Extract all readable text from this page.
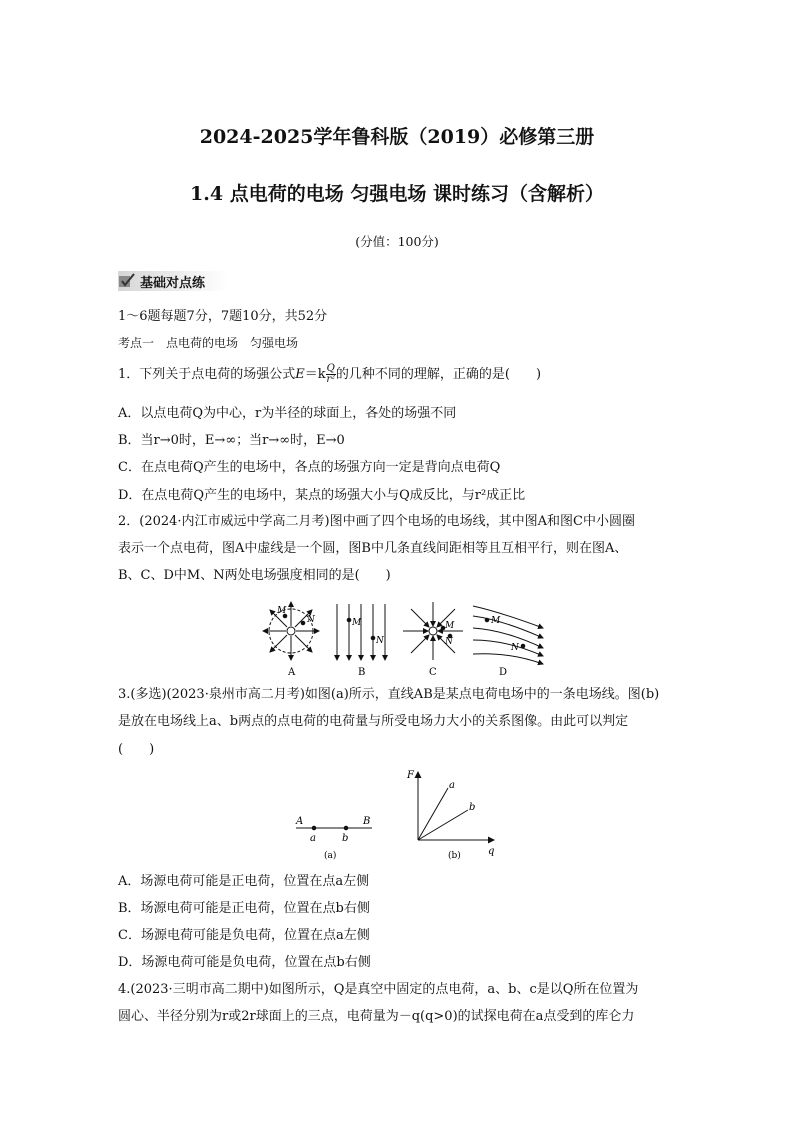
2024-2025学年鲁科版（2019）必修第三册
1.4 点电荷的电场 匀强电场 课时练习（含解析）
(分值：100分)
基础对点练
1～6题每题7分，7题10分，共52分
考点一　点电荷的电场　匀强电场
1．下列关于点电荷的场强公式$E=k \frac{Q}{\text{r²}}$ 的几种不同的理解，正确的是(　　)
A．以点电荷Q为中心，r为半径的球面上，各处的场强不同
B．当r→0时，E→∞；当r→∞时，E→0
C．在点电荷Q产生的电场中，各点的场强方向一定是背向点电荷Q
D．在点电荷Q产生的电场中，某点的场强大小与Q成反比，与r²成正比
2．(2024·内江市威远中学高二月考)图中画了四个电场的电场线，其中图A和图C中小圆圈
表示一个点电荷，图A中虚线是一个圆，图B中几条直线间距相等且互相平行，则在图A、
B、C、D中M、N两处电场强度相同的是(　　)
M
N
A
M
N
B
M
N
C
M
N
D
3.(多选)(2023·泉州市高二月考)如图(a)所示，直线AB是某点电荷电场中的一条电场线。图(b)
是放在电场线上a、b两点的点电荷的电荷量与所受电场力大小的关系图像。由此可以判定
(　　)
A	B
a	b
(a)
F
q
a
b
(b)
A．场源电荷可能是正电荷，位置在点a左侧
B．场源电荷可能是正电荷，位置在点b右侧
C．场源电荷可能是负电荷，位置在点a左侧
D．场源电荷可能是负电荷，位置在点b右侧
4.(2023·三明市高二期中)如图所示，Q是真空中固定的点电荷，a、b、c是以Q所在位置为
圆心、半径分别为r或2r球面上的三点，电荷量为－q(q>0)的试探电荷在a点受到的库仑力
